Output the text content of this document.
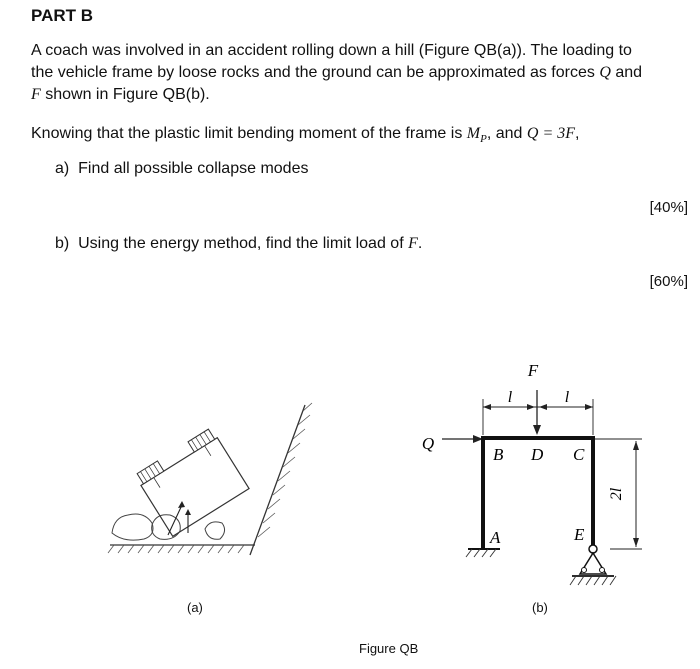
PART B
A coach was involved in an accident rolling down a hill (Figure QB(a)). The loading to
the vehicle frame by loose rocks and the ground can be approximated as forces Q and
F shown in Figure QB(b).
Knowing that the plastic limit bending moment of the frame is $M_P$, and Q = 3F,
a) Find all possible collapse modes
[40%]
b) Using the energy method, find the limit load of F.
[60%]
F
l	l
Q
B D C
A	E
2l
(a)	(b)
Figure QB
